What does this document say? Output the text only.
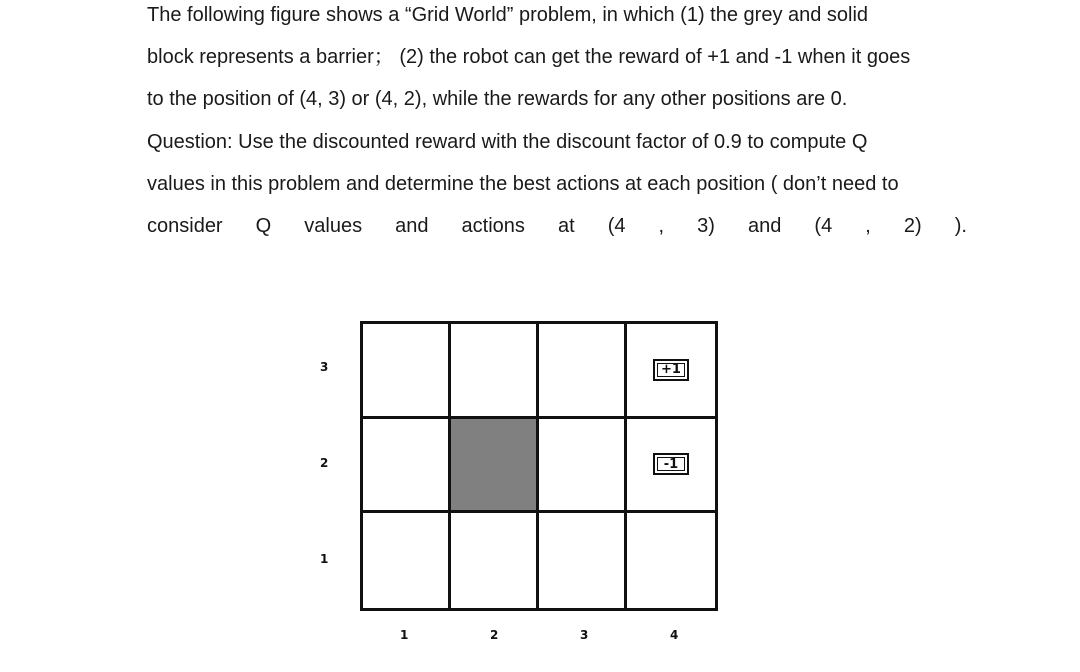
The following figure shows a “Grid World” problem, in which (1) the grey and solid
block represents a barrier； (2) the robot can get the reward of +1 and -1 when it goes
to the position of (4, 3) or (4, 2), while the rewards for any other positions are 0.
Question: Use the discounted reward with the discount factor of 0.9 to compute Q
values in this problem and determine the best actions at each position ( don’t need to
consider Q values and actions at (4 , 3) and (4 , 2) ).
3
2
1
+1
-1
1	2	3	4
